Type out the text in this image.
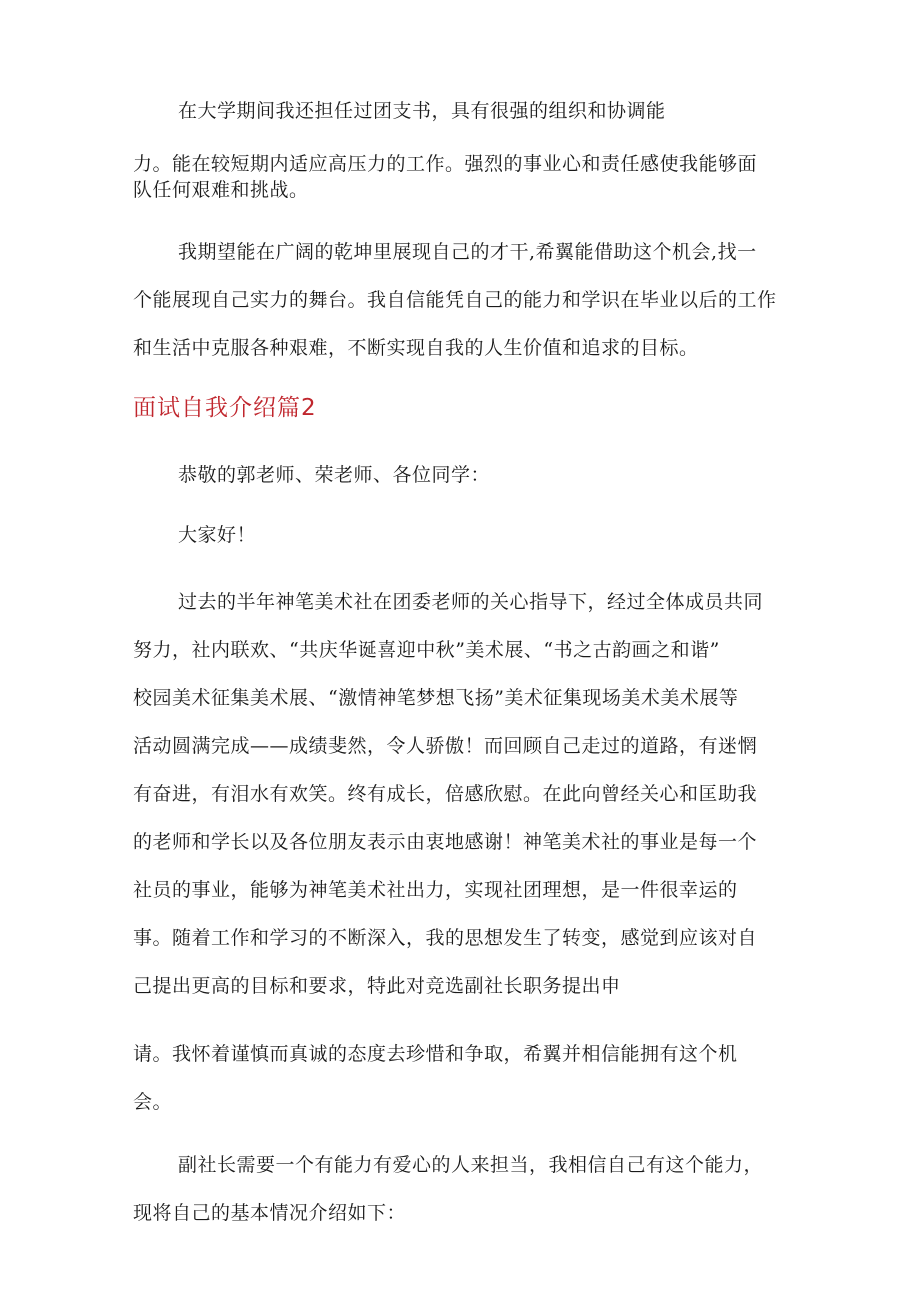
在大学期间我还担任过团支书，具有很强的组织和协调能
力。能在较短期内适应高压力的工作。强烈的事业心和责任感使我能够面
队任何艰难和挑战。
我期望能在广阔的乾坤里展现自己的才干,希翼能借助这个机会,找一
个能展现自己实力的舞台。我自信能凭自己的能力和学识在毕业以后的工作
和生活中克服各种艰难，不断实现自我的人生价值和追求的目标。
面试自我介绍篇2
恭敬的郭老师、荣老师、各位同学：
大家好！
过去的半年神笔美术社在团委老师的关心指导下，经过全体成员共同
努力，社内联欢、“共庆华诞喜迎中秋”美术展、“书之古韵画之和谐”
校园美术征集美术展、“激情神笔梦想飞扬”美术征集现场美术美术展等
活动圆满完成——成绩斐然，令人骄傲！而回顾自己走过的道路，有迷惘
有奋进，有泪水有欢笑。终有成长，倍感欣慰。在此向曾经关心和匡助我
的老师和学长以及各位朋友表示由衷地感谢！神笔美术社的事业是每一个
社员的事业，能够为神笔美术社出力，实现社团理想，是一件很幸运的
事。随着工作和学习的不断深入，我的思想发生了转变，感觉到应该对自
己提出更高的目标和要求，特此对竞选副社长职务提出申
请。我怀着谨慎而真诚的态度去珍惜和争取，希翼并相信能拥有这个机
会。
副社长需要一个有能力有爱心的人来担当，我相信自己有这个能力，
现将自己的基本情况介绍如下：
